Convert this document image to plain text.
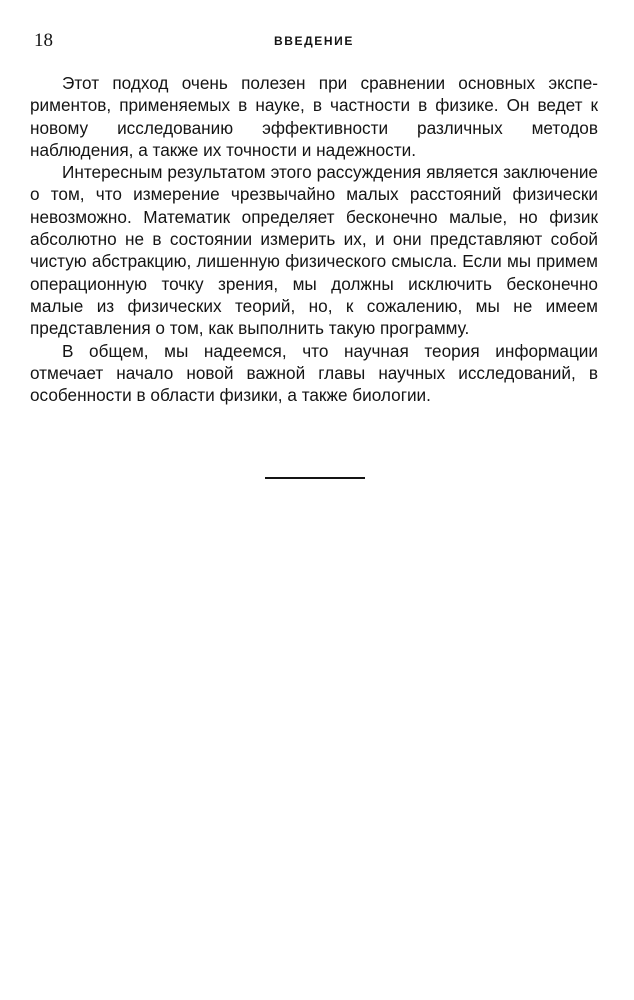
18	ВВЕДЕНИЕ

Этот подход очень полезен при сравнении основных экспериментов, применяемых в науке, в частности в физике. Он ведет к новому исследованию эффективности различных методов наблюдения, а также их точности и надежности.

Интересным результатом этого рассуждения является заключение о том, что измерение чрезвычайно малых расстояний физически невозможно. Математик определяет бесконечно малые, но физик абсолютно не в состоянии измерить их, и они представляют собой чистую абстракцию, лишенную физического смысла. Если мы примем операционную точку зрения, мы должны исключить бесконечно малые из физических теорий, но, к сожалению, мы не имеем представления о том, как выполнить такую программу.

В общем, мы надеемся, что научная теория информации отмечает начало новой важной главы научных исследований, в особенности в области физики, а также биологии.
